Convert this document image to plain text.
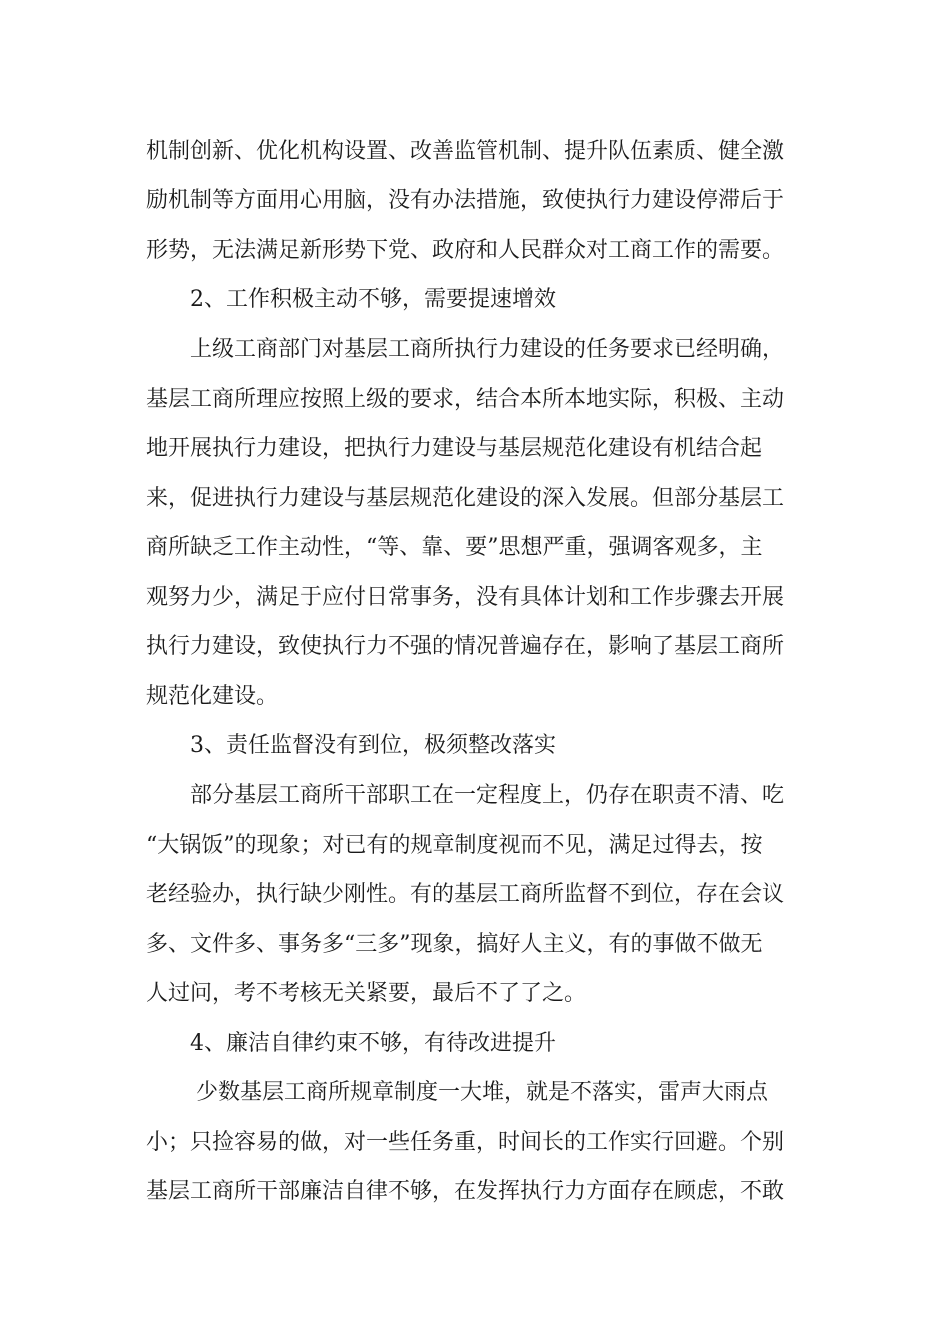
机制创新、优化机构设置、改善监管机制、提升队伍素质、健全激
励机制等方面用心用脑，没有办法措施，致使执行力建设停滞后于
形势，无法满足新形势下党、政府和人民群众对工商工作的需要。
2、工作积极主动不够，需要提速增效
上级工商部门对基层工商所执行力建设的任务要求已经明确，
基层工商所理应按照上级的要求，结合本所本地实际，积极、主动
地开展执行力建设，把执行力建设与基层规范化建设有机结合起
来，促进执行力建设与基层规范化建设的深入发展。但部分基层工
商所缺乏工作主动性，“等、靠、要”思想严重，强调客观多，主
观努力少，满足于应付日常事务，没有具体计划和工作步骤去开展
执行力建设，致使执行力不强的情况普遍存在，影响了基层工商所
规范化建设。
3、责任监督没有到位，极须整改落实
部分基层工商所干部职工在一定程度上，仍存在职责不清、吃
“大锅饭”的现象；对已有的规章制度视而不见，满足过得去，按
老经验办，执行缺少刚性。有的基层工商所监督不到位，存在会议
多、文件多、事务多“三多”现象，搞好人主义，有的事做不做无
人过问，考不考核无关紧要，最后不了了之。
4、廉洁自律约束不够，有待改进提升
少数基层工商所规章制度一大堆，就是不落实，雷声大雨点
小；只捡容易的做，对一些任务重，时间长的工作实行回避。个别
基层工商所干部廉洁自律不够，在发挥执行力方面存在顾虑，不敢
